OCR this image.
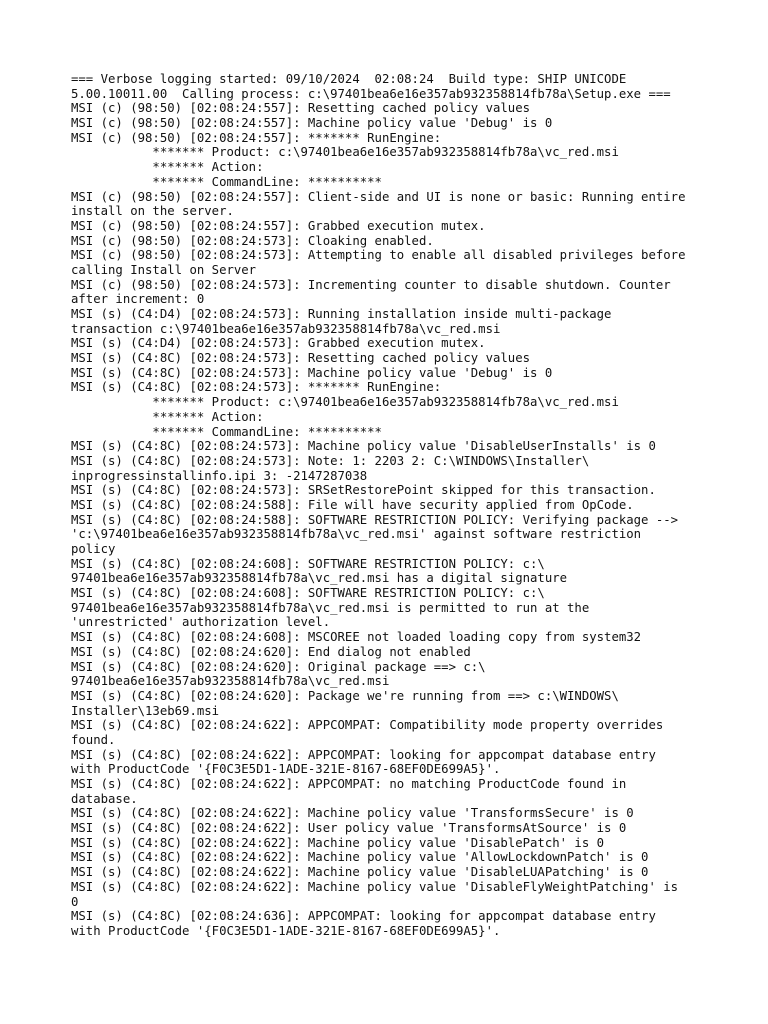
=== Verbose logging started: 09/10/2024  02:08:24  Build type: SHIP UNICODE
5.00.10011.00  Calling process: c:\97401bea6e16e357ab932358814fb78a\Setup.exe ===
MSI (c) (98:50) [02:08:24:557]: Resetting cached policy values
MSI (c) (98:50) [02:08:24:557]: Machine policy value 'Debug' is 0
MSI (c) (98:50) [02:08:24:557]: ******* RunEngine:
******* Product: c:\97401bea6e16e357ab932358814fb78a\vc_red.msi
******* Action:
******* CommandLine: **********
MSI (c) (98:50) [02:08:24:557]: Client-side and UI is none or basic: Running entire
install on the server.
MSI (c) (98:50) [02:08:24:557]: Grabbed execution mutex.
MSI (c) (98:50) [02:08:24:573]: Cloaking enabled.
MSI (c) (98:50) [02:08:24:573]: Attempting to enable all disabled privileges before
calling Install on Server
MSI (c) (98:50) [02:08:24:573]: Incrementing counter to disable shutdown. Counter
after increment: 0
MSI (s) (C4:D4) [02:08:24:573]: Running installation inside multi-package
transaction c:\97401bea6e16e357ab932358814fb78a\vc_red.msi
MSI (s) (C4:D4) [02:08:24:573]: Grabbed execution mutex.
MSI (s) (C4:8C) [02:08:24:573]: Resetting cached policy values
MSI (s) (C4:8C) [02:08:24:573]: Machine policy value 'Debug' is 0
MSI (s) (C4:8C) [02:08:24:573]: ******* RunEngine:
******* Product: c:\97401bea6e16e357ab932358814fb78a\vc_red.msi
******* Action:
******* CommandLine: **********
MSI (s) (C4:8C) [02:08:24:573]: Machine policy value 'DisableUserInstalls' is 0
MSI (s) (C4:8C) [02:08:24:573]: Note: 1: 2203 2: C:\WINDOWS\Installer\
inprogressinstallinfo.ipi 3: -2147287038
MSI (s) (C4:8C) [02:08:24:573]: SRSetRestorePoint skipped for this transaction.
MSI (s) (C4:8C) [02:08:24:588]: File will have security applied from OpCode.
MSI (s) (C4:8C) [02:08:24:588]: SOFTWARE RESTRICTION POLICY: Verifying package -->
'c:\97401bea6e16e357ab932358814fb78a\vc_red.msi' against software restriction
policy
MSI (s) (C4:8C) [02:08:24:608]: SOFTWARE RESTRICTION POLICY: c:\
97401bea6e16e357ab932358814fb78a\vc_red.msi has a digital signature
MSI (s) (C4:8C) [02:08:24:608]: SOFTWARE RESTRICTION POLICY: c:\
97401bea6e16e357ab932358814fb78a\vc_red.msi is permitted to run at the
'unrestricted' authorization level.
MSI (s) (C4:8C) [02:08:24:608]: MSCOREE not loaded loading copy from system32
MSI (s) (C4:8C) [02:08:24:620]: End dialog not enabled
MSI (s) (C4:8C) [02:08:24:620]: Original package ==> c:\
97401bea6e16e357ab932358814fb78a\vc_red.msi
MSI (s) (C4:8C) [02:08:24:620]: Package we're running from ==> c:\WINDOWS\
Installer\13eb69.msi
MSI (s) (C4:8C) [02:08:24:622]: APPCOMPAT: Compatibility mode property overrides
found.
MSI (s) (C4:8C) [02:08:24:622]: APPCOMPAT: looking for appcompat database entry
with ProductCode '{F0C3E5D1-1ADE-321E-8167-68EF0DE699A5}'.
MSI (s) (C4:8C) [02:08:24:622]: APPCOMPAT: no matching ProductCode found in
database.
MSI (s) (C4:8C) [02:08:24:622]: Machine policy value 'TransformsSecure' is 0
MSI (s) (C4:8C) [02:08:24:622]: User policy value 'TransformsAtSource' is 0
MSI (s) (C4:8C) [02:08:24:622]: Machine policy value 'DisablePatch' is 0
MSI (s) (C4:8C) [02:08:24:622]: Machine policy value 'AllowLockdownPatch' is 0
MSI (s) (C4:8C) [02:08:24:622]: Machine policy value 'DisableLUAPatching' is 0
MSI (s) (C4:8C) [02:08:24:622]: Machine policy value 'DisableFlyWeightPatching' is
0
MSI (s) (C4:8C) [02:08:24:636]: APPCOMPAT: looking for appcompat database entry
with ProductCode '{F0C3E5D1-1ADE-321E-8167-68EF0DE699A5}'.
